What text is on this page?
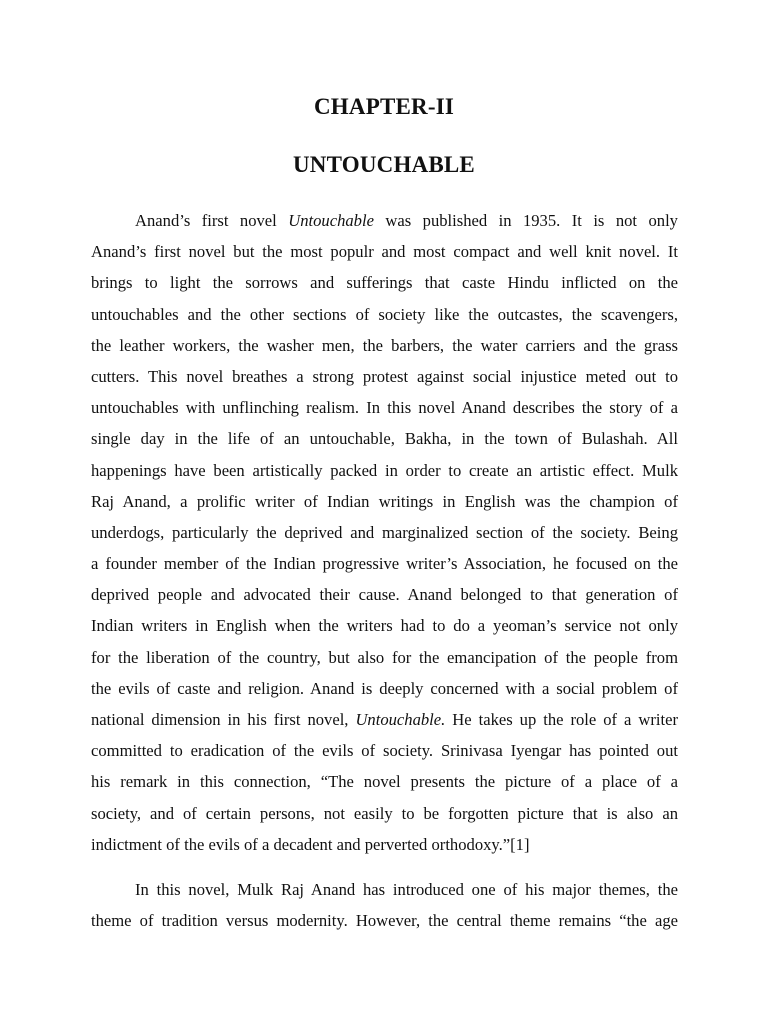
CHAPTER-II
UNTOUCHABLE
Anand’s first novel Untouchable was published in 1935. It is not only
Anand’s first novel but the most populr and most compact and well knit novel. It
brings to light the sorrows and sufferings that caste Hindu inflicted on the
untouchables and the other sections of society like the outcastes, the scavengers,
the leather workers, the washer men, the barbers, the water carriers and the grass
cutters. This novel breathes a strong protest against social injustice meted out to
untouchables with unflinching realism. In this novel Anand describes the story of a
single day in the life of an untouchable, Bakha, in the town of Bulashah. All
happenings have been artistically packed in order to create an artistic effect. Mulk
Raj Anand, a prolific writer of Indian writings in English was the champion of
underdogs, particularly the deprived and marginalized section of the society. Being
a founder member of the Indian progressive writer’s Association, he focused on the
deprived people and advocated their cause. Anand belonged to that generation of
Indian writers in English when the writers had to do a yeoman’s service not only
for the liberation of the country, but also for the emancipation of the people from
the evils of caste and religion. Anand is deeply concerned with a social problem of
national dimension in his first novel, Untouchable. He takes up the role of a writer
committed to eradication of the evils of society. Srinivasa Iyengar has pointed out
his remark in this connection, “The novel presents the picture of a place of a
society, and of certain persons, not easily to be forgotten picture that is also an
indictment of the evils of a decadent and perverted orthodoxy.”[1]
In this novel, Mulk Raj Anand has introduced one of his major themes, the
theme of tradition versus modernity. However, the central theme remains “the age
